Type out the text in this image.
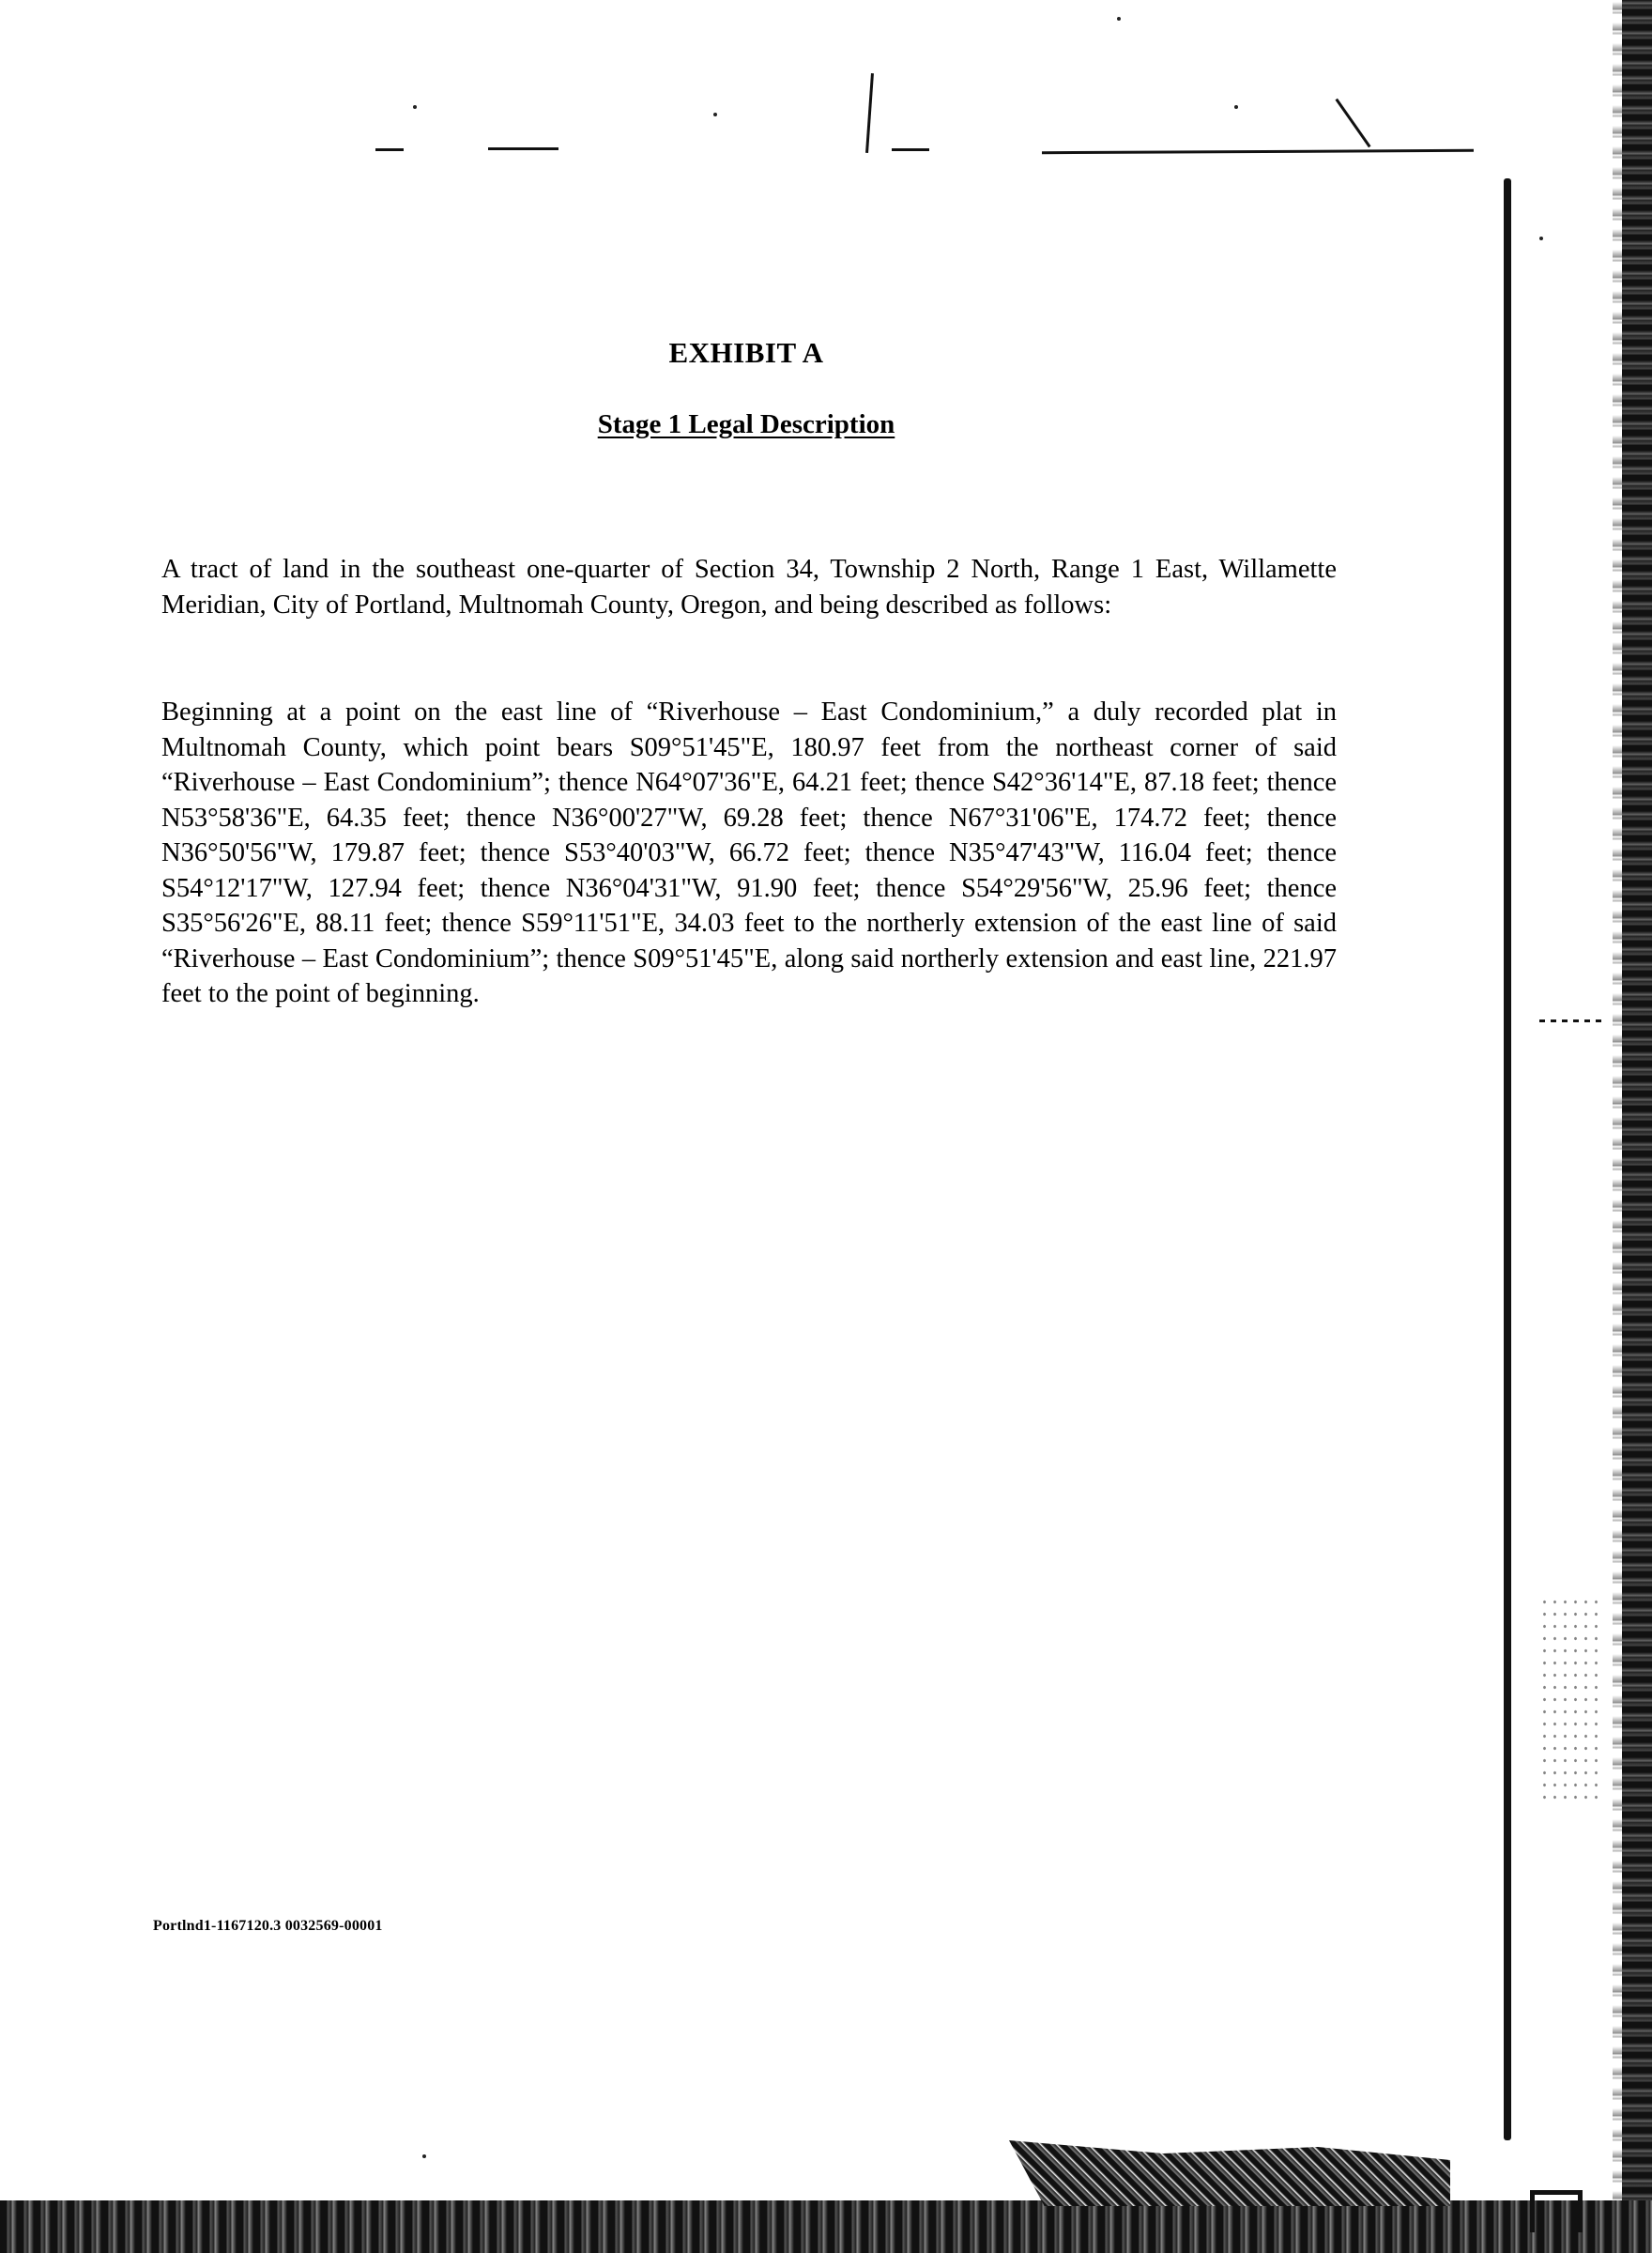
EXHIBIT A
Stage 1 Legal Description

A tract of land in the southeast one-quarter of Section 34, Township 2 North, Range 1 East, Willamette Meridian, City of Portland, Multnomah County, Oregon, and being described as follows:

Beginning at a point on the east line of “Riverhouse – East Condominium,” a duly recorded plat in Multnomah County, which point bears S09°51'45"E, 180.97 feet from the northeast corner of said “Riverhouse – East Condominium”; thence N64°07'36"E, 64.21 feet; thence S42°36'14"E, 87.18 feet; thence N53°58'36"E, 64.35 feet; thence N36°00'27"W, 69.28 feet; thence N67°31'06"E, 174.72 feet; thence N36°50'56"W, 179.87 feet; thence S53°40'03"W, 66.72 feet; thence N35°47'43"W, 116.04 feet; thence S54°12'17"W, 127.94 feet; thence N36°04'31"W, 91.90 feet; thence S54°29'56"W, 25.96 feet; thence S35°56'26"E, 88.11 feet; thence S59°11'51"E, 34.03 feet to the northerly extension of the east line of said “Riverhouse – East Condominium”; thence S09°51'45"E, along said northerly extension and east line, 221.97 feet to the point of beginning.

Portlnd1-1167120.3 0032569-00001
